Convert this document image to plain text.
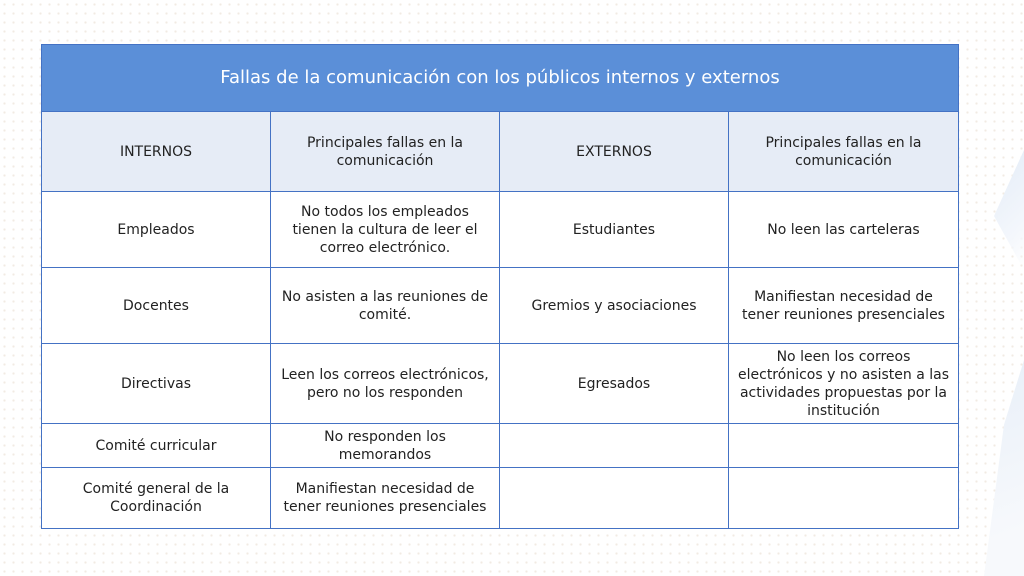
Fallas de la comunicación con los públicos internos y externos			
INTERNOS	Principales fallas en la comunicación	EXTERNOS	Principales fallas en la comunicación
Empleados	No todos los empleados tienen la cultura de leer el correo electrónico.	Estudiantes	No leen las carteleras
Docentes	No asisten a las reuniones de comité.	Gremios y asociaciones	Manifiestan necesidad de tener reuniones presenciales
Directivas	Leen los correos electrónicos, pero no los responden	Egresados	No leen los correos electrónicos y no asisten a las actividades propuestas por la institución
Comité curricular	No responden los memorandos		
Comité general de la Coordinación	Manifiestan necesidad de tener reuniones presenciales		
